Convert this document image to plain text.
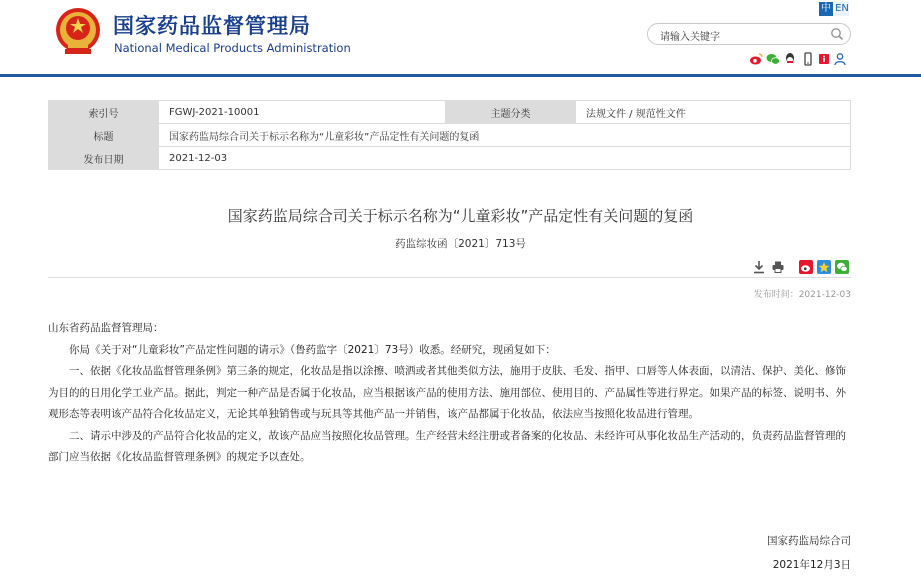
国家药品监督管理局
National Medical Products Administration
中 EN
请输入关键字
索引号	FGWJ-2021-10001	主题分类	法规文件 / 规范性文件
标题	国家药监局综合司关于标示名称为“儿童彩妆”产品定性有关问题的复函		
发布日期	2021-12-03		
国家药监局综合司关于标示名称为“儿童彩妆”产品定性有关问题的复函
药监综妆函〔2021〕713号
发布时间：2021-12-03

山东省药品监督管理局：

你局《关于对“儿童彩妆”产品定性问题的请示》（鲁药监字〔2021〕73号）收悉。经研究，现函复如下：

一、依据《化妆品监督管理条例》第三条的规定，化妆品是指以涂擦、喷洒或者其他类似方法，施用于皮肤、毛发、指甲、口唇等人体表面，以清洁、保护、美化、修饰为目的的日用化学工业产品。据此，判定一种产品是否属于化妆品，应当根据该产品的使用方法、施用部位、使用目的、产品属性等进行界定。如果产品的标签、说明书、外观形态等表明该产品符合化妆品定义，无论其单独销售或与玩具等其他产品一并销售，该产品都属于化妆品，依法应当按照化妆品进行管理。

二、请示中涉及的产品符合化妆品的定义，故该产品应当按照化妆品管理。生产经营未经注册或者备案的化妆品、未经许可从事化妆品生产活动的，负责药品监督管理的部门应当依据《化妆品监督管理条例》的规定予以查处。

国家药监局综合司
2021年12月3日
